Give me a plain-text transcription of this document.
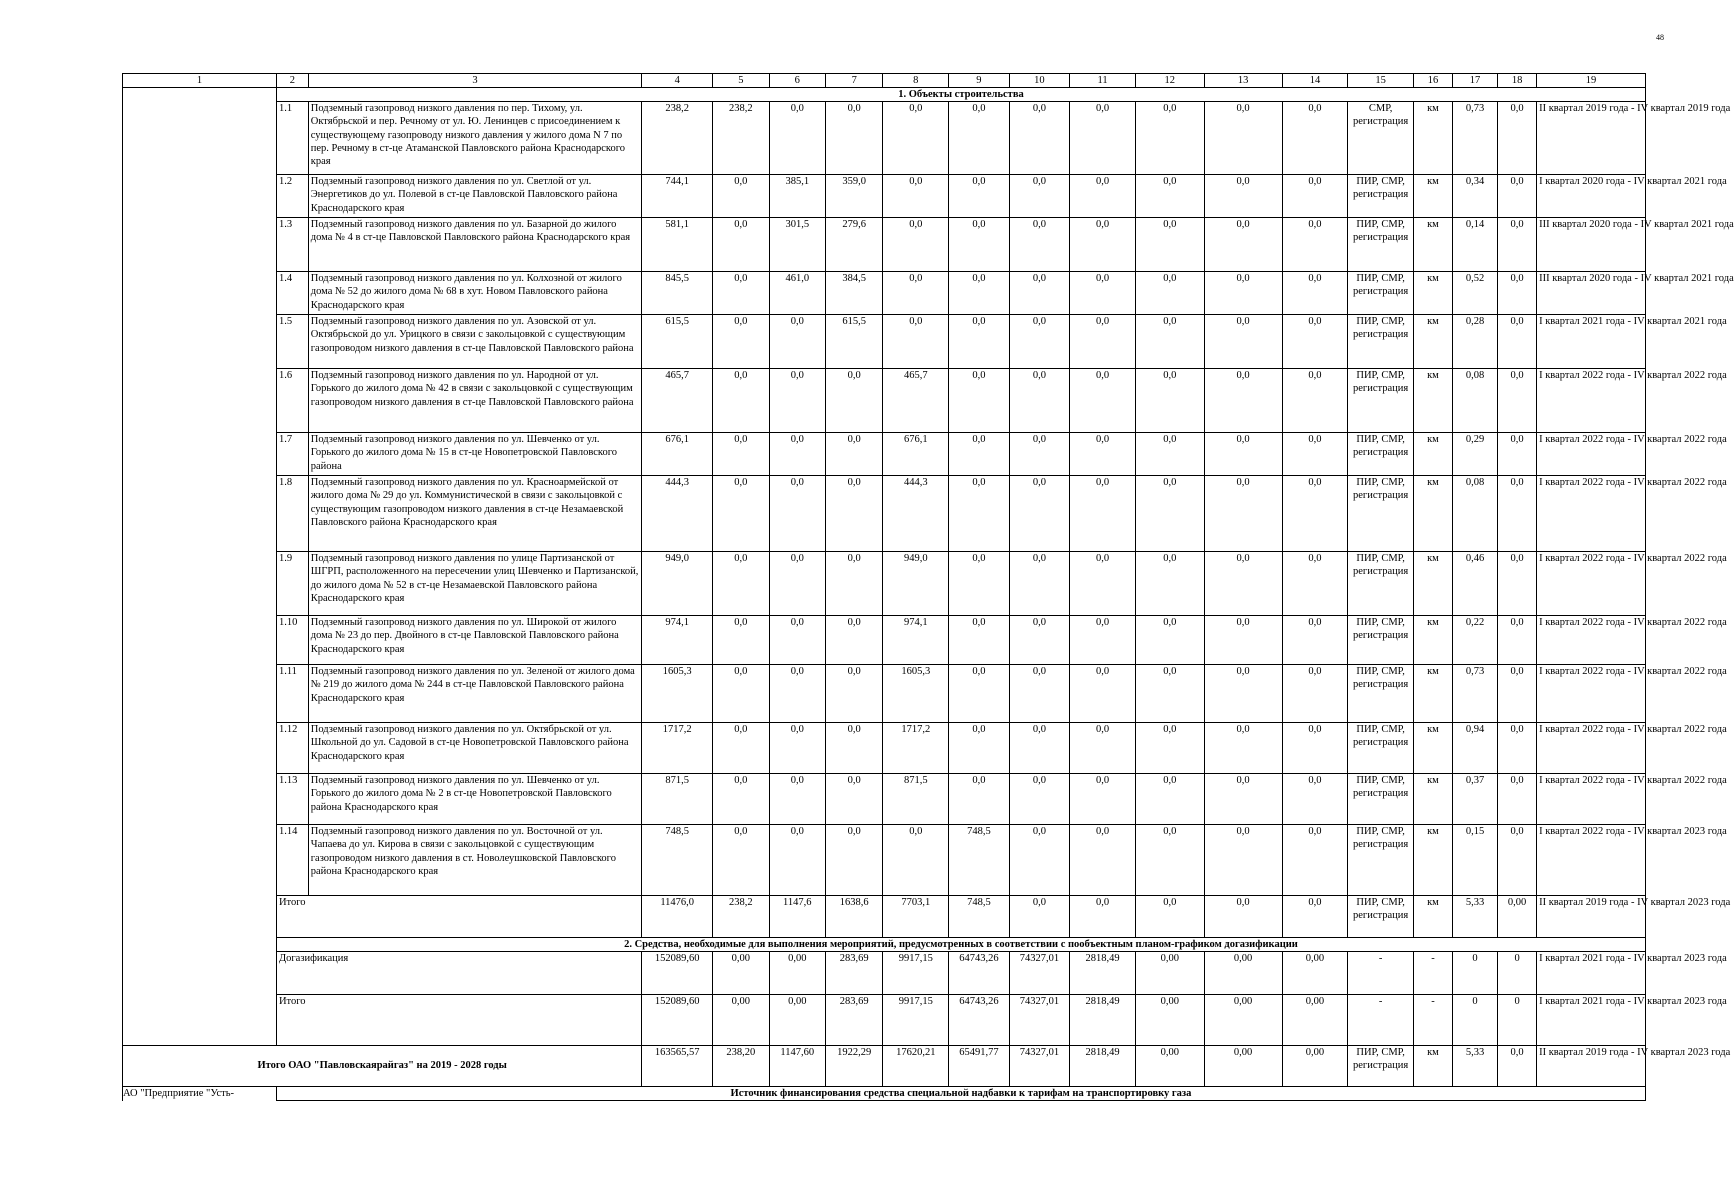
48
1	2	3	4	5	6	7	8	9	10	11	12	13	14	15	16	17	18	19
	1. Объекты строительства																	
	1.1	Подземный газопровод низкого давления по пер. Тихому, ул. Октябрьской и пер. Речному от ул. Ю. Ленинцев с присоединением к существующему газопроводу низкого давления у жилого дома N 7 по пер. Речному в ст-це Атаманской Павловского района Краснодарского края	238,2	238,2	0,0	0,0	0,0	0,0	0,0	0,0	0,0	0,0	0,0	СМР, регистрация	км	0,73	0,0	II квартал 2019 года - IV квартал 2019 года
	1.2	Подземный газопровод низкого давления по ул. Светлой от ул. Энергетиков до ул. Полевой в ст-це Павловской Павловского района Краснодарского края	744,1	0,0	385,1	359,0	0,0	0,0	0,0	0,0	0,0	0,0	0,0	ПИР, СМР, регистрация	км	0,34	0,0	I квартал 2020 года - IV квартал 2021 года
	1.3	Подземный газопровод низкого давления по ул. Базарной до жилого дома № 4 в ст-це Павловской Павловского района Краснодарского края	581,1	0,0	301,5	279,6	0,0	0,0	0,0	0,0	0,0	0,0	0,0	ПИР, СМР, регистрация	км	0,14	0,0	III квартал 2020 года - IV квартал 2021 года
	1.4	Подземный газопровод низкого давления по ул. Колхозной от жилого дома № 52 до жилого дома № 68 в хут. Новом Павловского района Краснодарского края	845,5	0,0	461,0	384,5	0,0	0,0	0,0	0,0	0,0	0,0	0,0	ПИР, СМР, регистрация	км	0,52	0,0	III квартал 2020 года - IV квартал 2021 года
	1.5	Подземный газопровод низкого давления по ул. Азовской от ул. Октябрьской до ул. Урицкого в связи с закольцовкой с существующим газопроводом низкого давления в ст-це Павловской Павловского района	615,5	0,0	0,0	615,5	0,0	0,0	0,0	0,0	0,0	0,0	0,0	ПИР, СМР, регистрация	км	0,28	0,0	I квартал 2021 года - IV квартал 2021 года
	1.6	Подземный газопровод низкого давления по ул. Народной от ул. Горького до жилого дома № 42 в связи с закольцовкой с существующим газопроводом низкого давления в ст-це Павловской Павловского района	465,7	0,0	0,0	0,0	465,7	0,0	0,0	0,0	0,0	0,0	0,0	ПИР, СМР, регистрация	км	0,08	0,0	I квартал 2022 года - IV квартал 2022 года
	1.7	Подземный газопровод низкого давления по ул. Шевченко от ул. Горького до жилого дома № 15 в ст-це Новопетровской Павловского района	676,1	0,0	0,0	0,0	676,1	0,0	0,0	0,0	0,0	0,0	0,0	ПИР, СМР, регистрация	км	0,29	0,0	I квартал 2022 года - IV квартал 2022 года
	1.8	Подземный газопровод низкого давления по ул. Красноармейской от жилого дома № 29 до ул. Коммунистической в связи с закольцовкой с существующим газопроводом низкого давления в ст-це Незамаевской Павловского района Краснодарского края	444,3	0,0	0,0	0,0	444,3	0,0	0,0	0,0	0,0	0,0	0,0	ПИР, СМР, регистрация	км	0,08	0,0	I квартал 2022 года - IV квартал 2022 года
	1.9	Подземный газопровод низкого давления по улице Партизанской от ШГРП, расположенного на пересечении улиц Шевченко и Партизанской, до жилого дома № 52 в ст-це Незамаевской Павловского района Краснодарского края	949,0	0,0	0,0	0,0	949,0	0,0	0,0	0,0	0,0	0,0	0,0	ПИР, СМР, регистрация	км	0,46	0,0	I квартал 2022 года - IV квартал 2022 года
	1.10	Подземный газопровод низкого давления по ул. Широкой от жилого дома № 23 до пер. Двойного в ст-це Павловской Павловского района Краснодарского края	974,1	0,0	0,0	0,0	974,1	0,0	0,0	0,0	0,0	0,0	0,0	ПИР, СМР, регистрация	км	0,22	0,0	I квартал 2022 года - IV квартал 2022 года
	1.11	Подземный газопровод низкого давления по ул. Зеленой от жилого дома № 219 до жилого дома № 244 в ст-це Павловской Павловского района Краснодарского края	1605,3	0,0	0,0	0,0	1605,3	0,0	0,0	0,0	0,0	0,0	0,0	ПИР, СМР, регистрация	км	0,73	0,0	I квартал 2022 года - IV квартал 2022 года
	1.12	Подземный газопровод низкого давления по ул. Октябрьской от ул. Школьной до ул. Садовой в ст-це Новопетровской Павловского района Краснодарского края	1717,2	0,0	0,0	0,0	1717,2	0,0	0,0	0,0	0,0	0,0	0,0	ПИР, СМР, регистрация	км	0,94	0,0	I квартал 2022 года - IV квартал 2022 года
	1.13	Подземный газопровод низкого давления по ул. Шевченко от ул. Горького до жилого дома № 2 в ст-це Новопетровской Павловского района Краснодарского края	871,5	0,0	0,0	0,0	871,5	0,0	0,0	0,0	0,0	0,0	0,0	ПИР, СМР, регистрация	км	0,37	0,0	I квартал 2022 года - IV квартал 2022 года
	1.14	Подземный газопровод низкого давления по ул. Восточной от ул. Чапаева до ул. Кирова в связи с закольцовкой с существующим газопроводом низкого давления в ст. Новолеушковской Павловского района Краснодарского края	748,5	0,0	0,0	0,0	0,0	748,5	0,0	0,0	0,0	0,0	0,0	ПИР, СМР, регистрация	км	0,15	0,0	I квартал 2022 года - IV квартал 2023 года
	Итого		11476,0	238,2	1147,6	1638,6	7703,1	748,5	0,0	0,0	0,0	0,0	0,0	ПИР, СМР, регистрация	км	5,33	0,00	II квартал 2019 года - IV квартал 2023 года
	2. Средства, необходимые для выполнения мероприятий, предусмотренных в соответствии с пообъектным планом-графиком догазификации																	
	Догазификация		152089,60	0,00	0,00	283,69	9917,15	64743,26	74327,01	2818,49	0,00	0,00	0,00	-	-	0	0	I квартал 2021 года - IV квартал 2023 года
	Итого		152089,60	0,00	0,00	283,69	9917,15	64743,26	74327,01	2818,49	0,00	0,00	0,00	-	-	0	0	I квартал 2021 года - IV квартал 2023 года
Итого ОАО "Павловскаярайгаз" на 2019 - 2028 годы			163565,57	238,20	1147,60	1922,29	17620,21	65491,77	74327,01	2818,49	0,00	0,00	0,00	ПИР, СМР, регистрация	км	5,33	0,0	II квартал 2019 года - IV квартал 2023 года
АО "Предприятие "Усть-	Источник финансирования средства специальной надбавки к тарифам на транспортировку газа																	
